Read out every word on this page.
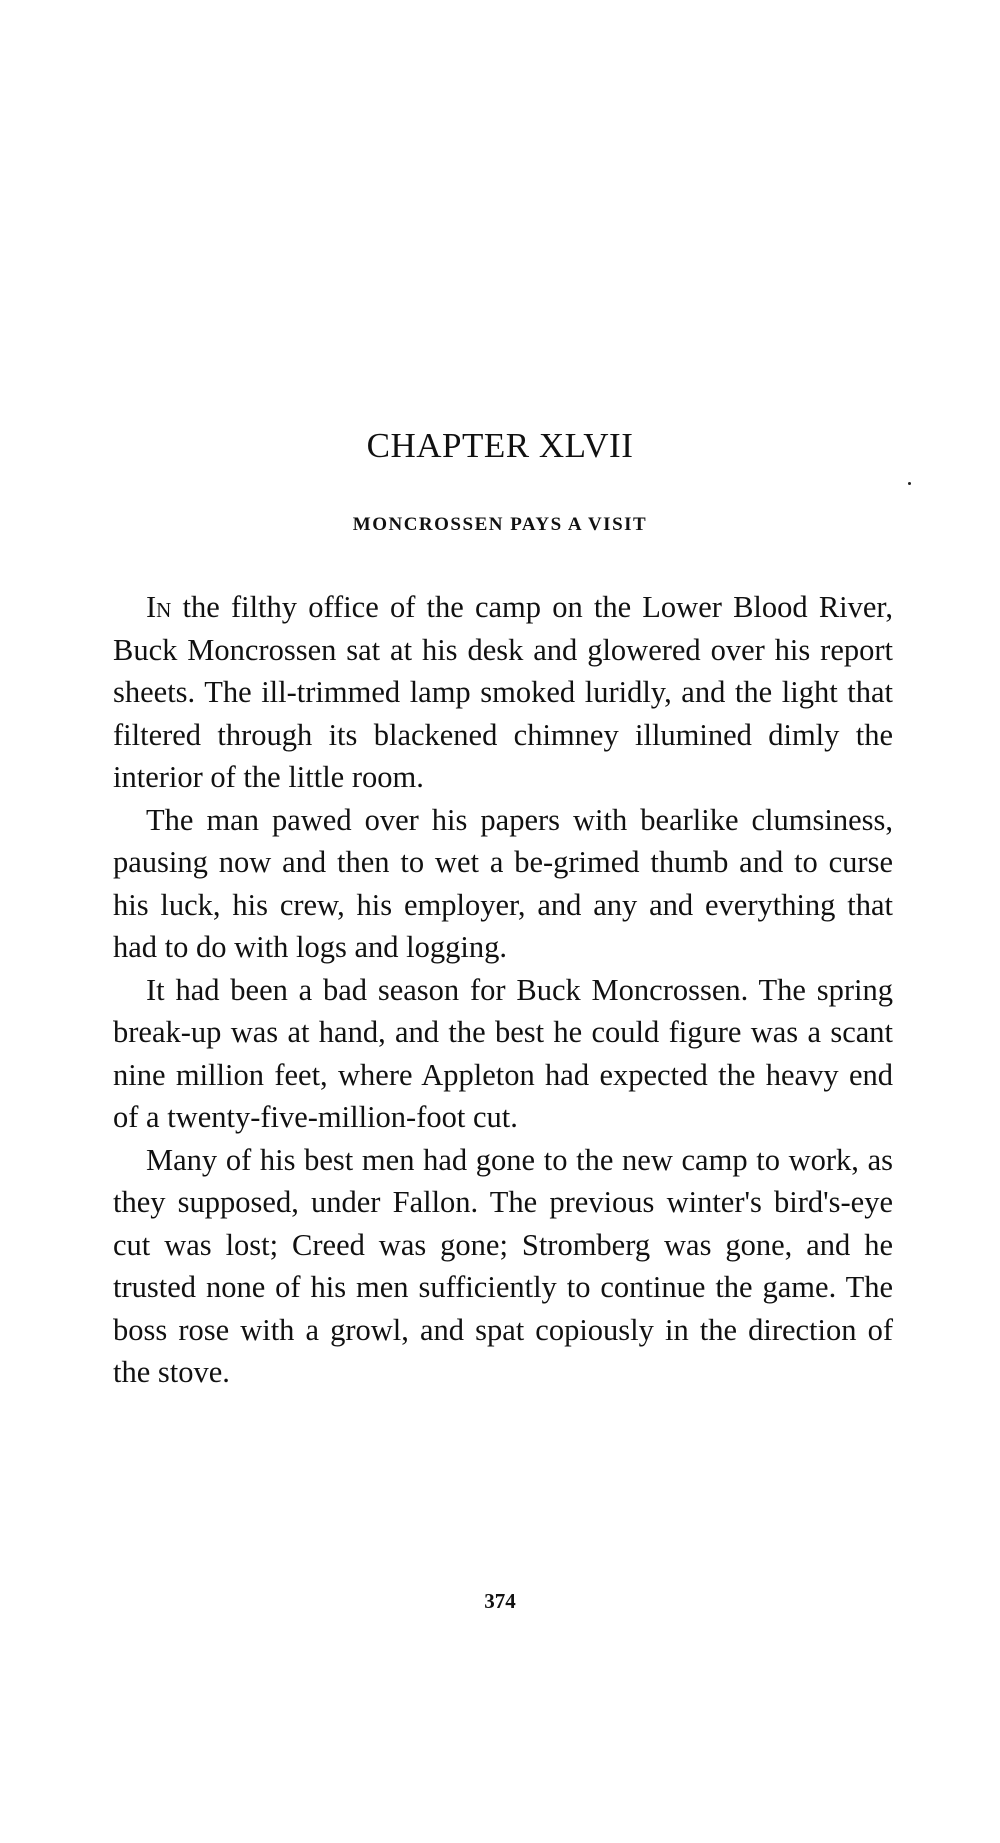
CHAPTER XLVII
MONCROSSEN PAYS A VISIT

In the filthy office of the camp on the Lower Blood River, Buck Moncrossen sat at his desk and glowered over his report sheets. The ill-trimmed lamp smoked luridly, and the light that filtered through its blackened chimney illumined dimly the interior of the little room.

The man pawed over his papers with bearlike clumsiness, pausing now and then to wet a be-grimed thumb and to curse his luck, his crew, his employer, and any and everything that had to do with logs and logging.

It had been a bad season for Buck Moncrossen. The spring break-up was at hand, and the best he could figure was a scant nine million feet, where Appleton had expected the heavy end of a twenty-five-million-foot cut.

Many of his best men had gone to the new camp to work, as they supposed, under Fallon. The previous winter's bird's-eye cut was lost; Creed was gone; Stromberg was gone, and he trusted none of his men sufficiently to continue the game. The boss rose with a growl, and spat copiously in the direction of the stove.

374
